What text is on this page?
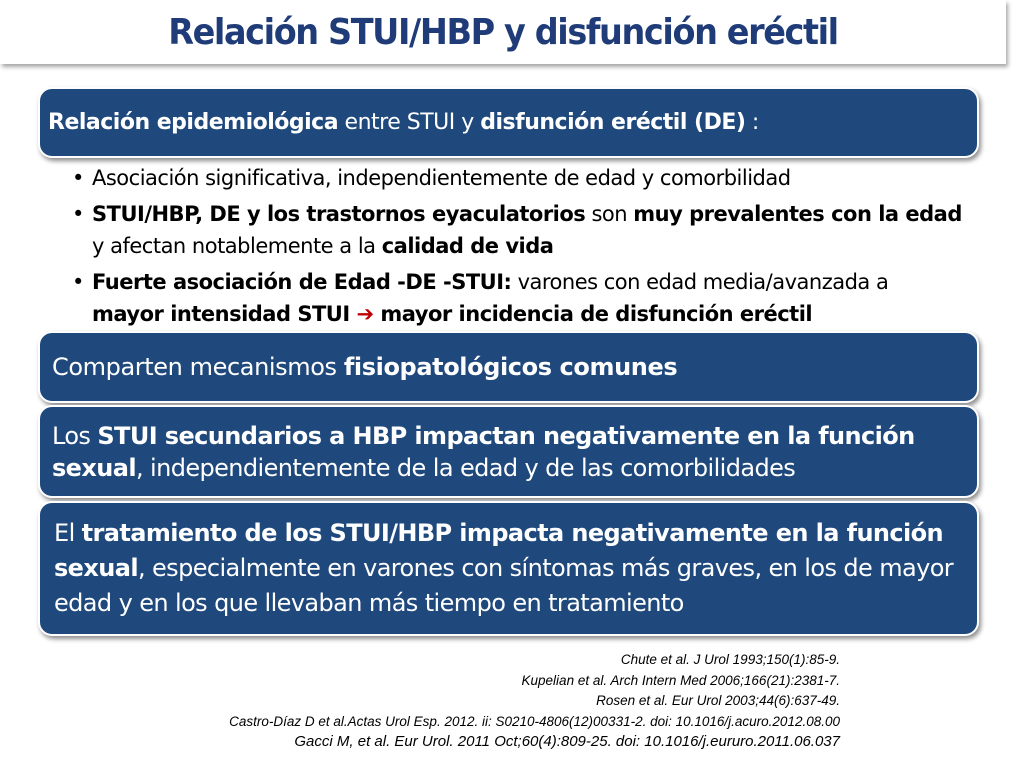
Relación STUI/HBP y disfunción eréctil
Relación epidemiológica entre STUI y disfunción eréctil (DE) :
• Asociación significativa, independientemente de edad y comorbilidad
• STUI/HBP, DE y los trastornos eyaculatorios son muy prevalentes con la edad y afectan notablemente a la calidad de vida
• Fuerte asociación de Edad -DE -STUI: varones con edad media/avanzada a mayor intensidad STUI ➔ mayor incidencia de disfunción eréctil
Comparten mecanismos fisiopatológicos comunes
Los STUI secundarios a HBP impactan negativamente en la función sexual, independientemente de la edad y de las comorbilidades
El tratamiento de los STUI/HBP impacta negativamente en la función sexual, especialmente en varones con síntomas más graves, en los de mayor edad y en los que llevaban más tiempo en tratamiento
Chute et al. J Urol 1993;150(1):85-9.
Kupelian et al. Arch Intern Med 2006;166(21):2381-7.
Rosen et al. Eur Urol 2003;44(6):637-49.
Castro-Díaz D et al.Actas Urol Esp. 2012. ii: S0210-4806(12)00331-2. doi: 10.1016/j.acuro.2012.08.00
Gacci M, et al. Eur Urol. 2011 Oct;60(4):809-25. doi: 10.1016/j.eururo.2011.06.037
